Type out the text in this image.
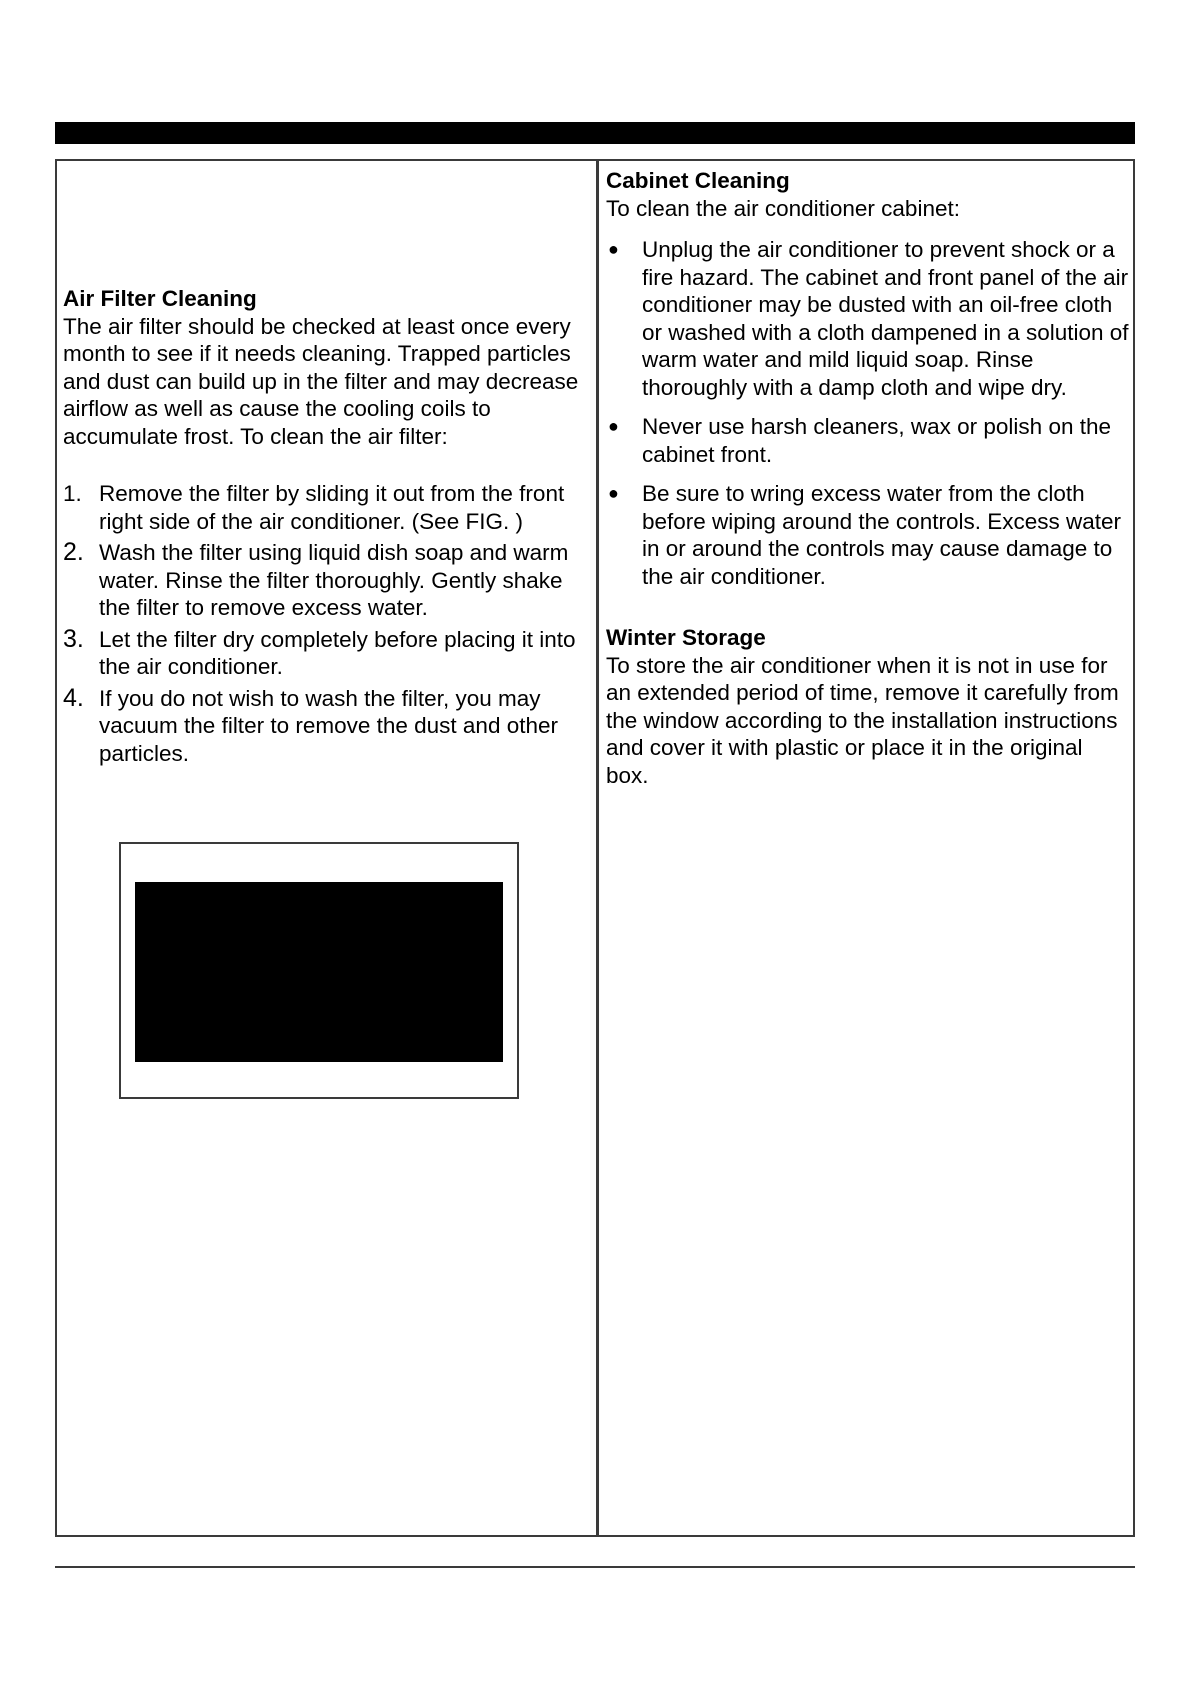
Air Filter Cleaning

The air filter should be checked at least once every month to see if it needs cleaning. Trapped particles and dust can build up in the filter and may decrease airflow as well as cause the cooling coils to accumulate frost. To clean the air filter:

1. Remove the filter by sliding it out from the front right side of the air conditioner. (See FIG. )
2. Wash the filter using liquid dish soap and warm water. Rinse the filter thoroughly. Gently shake the filter to remove excess water.
3. Let the filter dry completely before placing it into the air conditioner.
4. If you do not wish to wash the filter, you may vacuum the filter to remove the dust and other particles.

Cabinet Cleaning

To clean the air conditioner cabinet:

● Unplug the air conditioner to prevent shock or a fire hazard. The cabinet and front panel of the air conditioner may be dusted with an oil-free cloth or washed with a cloth dampened in a solution of warm water and mild liquid soap. Rinse thoroughly with a damp cloth and wipe dry.
● Never use harsh cleaners, wax or polish on the cabinet front.
● Be sure to wring excess water from the cloth before wiping around the controls. Excess water in or around the controls may cause damage to the air conditioner.

Winter Storage

To store the air conditioner when it is not in use for an extended period of time, remove it carefully from the window according to the installation instructions and cover it with plastic or place it in the original box.
